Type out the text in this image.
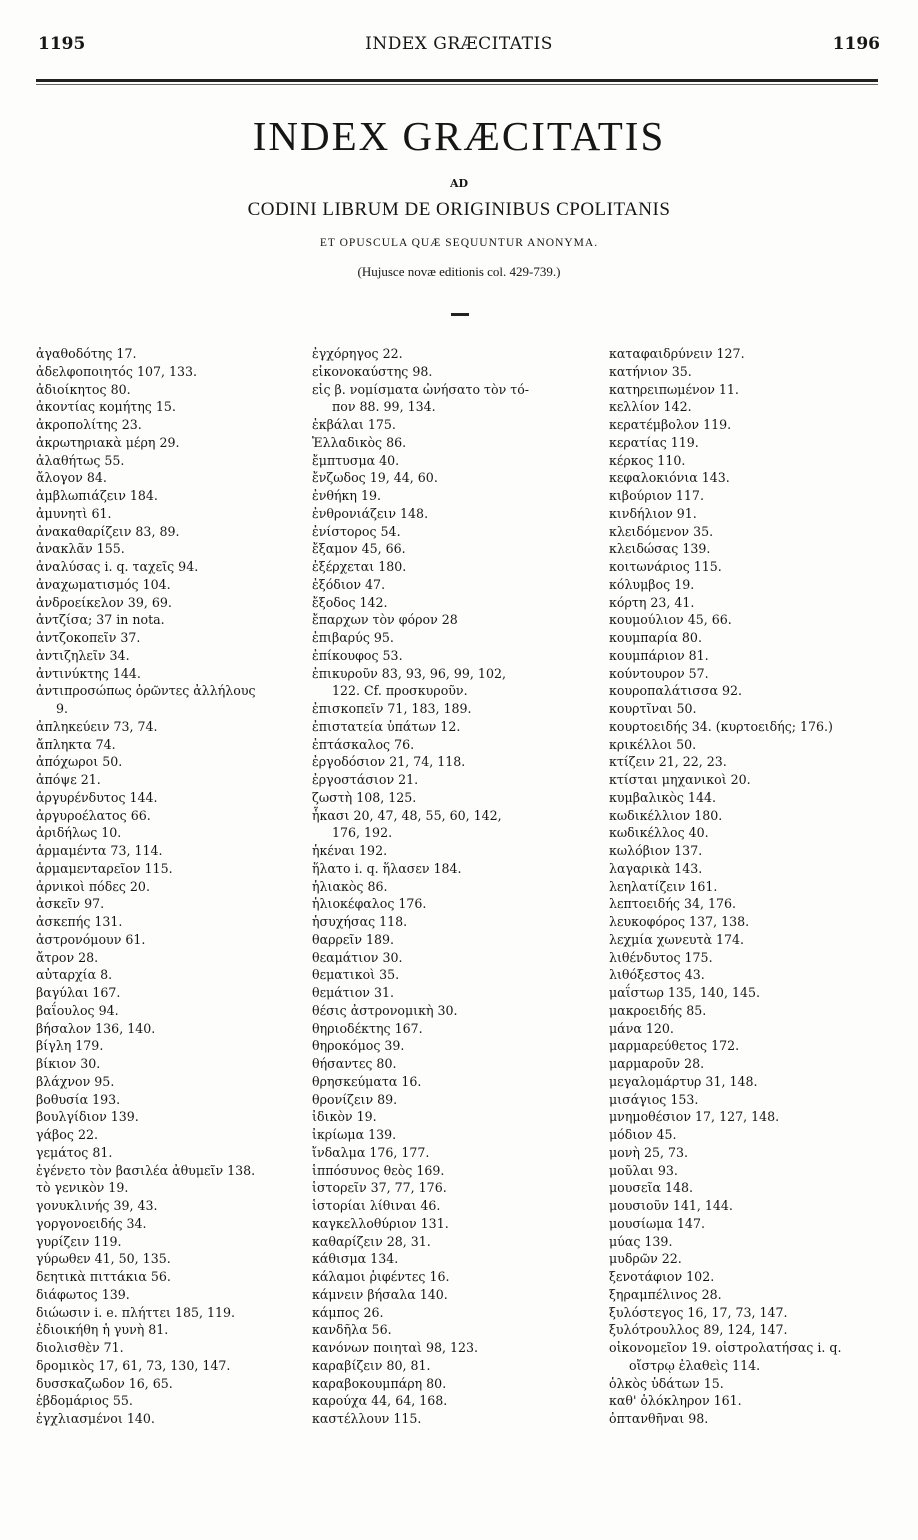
1195	INDEX GRÆCITATIS	1196
INDEX GRÆCITATIS
AD
CODINI LIBRUM DE ORIGINIBUS CPOLITANIS
ET OPUSCULA QUÆ SEQUUNTUR ANONYMA.
(Hujusce novæ editionis col. 429-739.)
ἀγαθοδότης 17.
ἀδελφοποιητός 107, 133.
ἀδιοίκητος 80.
ἀκοντίας κομήτης 15.
ἀκροπολίτης 23.
ἀκρωτηριακὰ μέρη 29.
ἀλαθήτως 55.
ἄλογον 84.
ἀμβλωπιάζειν 184.
ἀμυνητὶ 61.
ἀνακαθαρίζειν 83, 89.
ἀνακλᾶν 155.
ἀναλύσας i. q. ταχεῖς 94.
ἀναχωματισμός 104.
ἀνδροείκελον 39, 69.
ἀντζίσα; 37 in nota.
ἀντζοκοπεῖν 37.
ἀντιζηλεῖν 34.
ἀντινύκτης 144.
ἀντιπροσώπως ὁρῶντες ἀλλήλους
9.
ἀπληκεύειν 73, 74.
ἄπληκτα 74.
ἀπόχωροι 50.
ἀπόψε 21.
ἀργυρένδυτος 144.
ἀργυροέλατος 66.
ἀριδήλως 10.
ἁρμαμέντα 73, 114.
ἁρμαμενταρεῖον 115.
ἀρνικοὶ πόδες 20.
ἀσκεῖν 97.
ἀσκεπής 131.
ἀστρονόμουν 61.
ἄτρον 28.
αὐταρχία 8.
βαγύλαι 167.
βαΐουλος 94.
βήσαλον 136, 140.
βίγλη 179.
βίκιον 30.
βλάχνον 95.
βοθυσία 193.
βουλγίδιον 139.
γάβος 22.
γεμάτος 81.
ἐγένετο τὸν βασιλέα ἀθυμεῖν 138.
τὸ γενικὸν 19.
γονυκλινής 39, 43.
γοργονοειδής 34.
γυρίζειν 119.
γύρωθεν 41, 50, 135.
δεητικὰ πιττάκια 56.
διάφωτος 139.
διώωσιν i. e. πλήττει 185, 119.
ἐδιοικήθη ἡ γυνὴ 81.
διολισθὲν 71.
δρομικὸς 17, 61, 73, 130, 147.
δυσσκαζωδον 16, 65.
ἑβδομάριος 55.
ἐγχλιασμένοι 140.
ἐγχόρηγος 22.
εἰκονοκαύστης 98.
εἰς β. νομίσματα ὠνήσατο τὸν τό-
πον 88. 99, 134.
ἐκβάλαι 175.
Ἑλλαδικὸς 86.
ἔμπτυσμα 40.
ἔνζωδος 19, 44, 60.
ἐνθήκη 19.
ἐνθρονιάζειν 148.
ἐνίστορος 54.
ἔξαμον 45, 66.
ἐξέρχεται 180.
ἐξόδιον 47.
ἔξοδος 142.
ἔπαρχων τὸν φόρον 28
ἐπιβαρύς 95.
ἐπίκουφος 53.
ἐπικυρoῦν 83, 93, 96, 99, 102,
122. Cf. προσκυροῦν.
ἐπισκοπεῖν 71, 183, 189.
ἐπιστατεία ὑπάτων 12.
ἐπτάσκαλος 76.
ἐργοδόσιον 21, 74, 118.
ἐργοστάσιον 21.
ζωστὴ 108, 125.
ἧκασι 20, 47, 48, 55, 60, 142,
176, 192.
ἡκέναι 192.
ἥλατο i. q. ἥλασεν 184.
ἡλιακὸς 86.
ἡλιοκέφαλος 176.
ἡσυχήσας 118.
θαρρεῖν 189.
θεαμάτιον 30.
θεματικοὶ 35.
θεμάτιον 31.
θέσις ἀστρονομικὴ 30.
θηριοδέκτης 167.
θηροκόμος 39.
θήσαντες 80.
θρησκεύματα 16.
θρονίζειν 89.
ἰδικὸν 19.
ἰκρίωμα 139.
ἴνδαλμα 176, 177.
ἱππόσυνος θεὸς 169.
ἱστορεῖν 37, 77, 176.
ἱστορίαι λίθιναι 46.
καγκελλοθύριον 131.
καθαρίζειν 28, 31.
κάθισμα 134.
κάλαμοι ῥιφέντες 16.
κάμνειν βήσαλα 140.
κάμπος 26.
κανδῆλα 56.
κανόνων ποιηταὶ 98, 123.
καραβίζειν 80, 81.
καραβοκουμπάρη 80.
καρούχα 44, 64, 168.
καστέλλουν 115.
καταφαιδρύνειν 127.
κατήνιον 35.
κατηρειπωμένον 11.
κελλίον 142.
κερατέμβολον 119.
κερατίας 119.
κέρκος 110.
κεφαλοκιόνια 143.
κιβούριον 117.
κινδήλιον 91.
κλειδόμενον 35.
κλειδώσας 139.
κοιτωνάριος 115.
κόλυμβος 19.
κόρτη 23, 41.
κουμούλιον 45, 66.
κουμπαρία 80.
κουμπάριον 81.
κούντουρον 57.
κουροπαλάτισσα 92.
κουρτῖναι 50.
κουρτοειδής 34. (κυρτοειδής; 176.)
κρικέλλοι 50.
κτίζειν 21, 22, 23.
κτίσται μηχανικοὶ 20.
κυμβαλικὸς 144.
κωδικέλλιον 180.
κωδικέλλος 40.
κωλόβιον 137.
λαγαρικὰ 143.
λεηλατίζειν 161.
λεπτοειδής 34, 176.
λευκοφόρος 137, 138.
λεχμία χωνευτὰ 174.
λιθένδυτος 175.
λιθόξεστος 43.
μαΐστωρ 135, 140, 145.
μακροειδής 85.
μάνα 120.
μαρμαρεύθετος 172.
μαρμαροῦν 28.
μεγαλομάρτυρ 31, 148.
μισάγιος 153.
μνημοθέσιον 17, 127, 148.
μόδιον 45.
μονὴ 25, 73.
μοῦλαι 93.
μουσεῖα 148.
μουσιοῦν 141, 144.
μουσίωμα 147.
μύας 139.
μυδρῶν 22.
ξενοτάφιον 102.
ξηραμπέλινος 28.
ξυλόστεγος 16, 17, 73, 147.
ξυλότρουλλος 89, 124, 147.
οἰκονομεῖον 19. οἰστρολατήσας i. q.
οἴστρῳ ἐλαθεὶς 114.
ὁλκὸς ὑδάτων 15.
καθ' ὁλόκληρον 161.
ὀπτανθῆναι 98.
